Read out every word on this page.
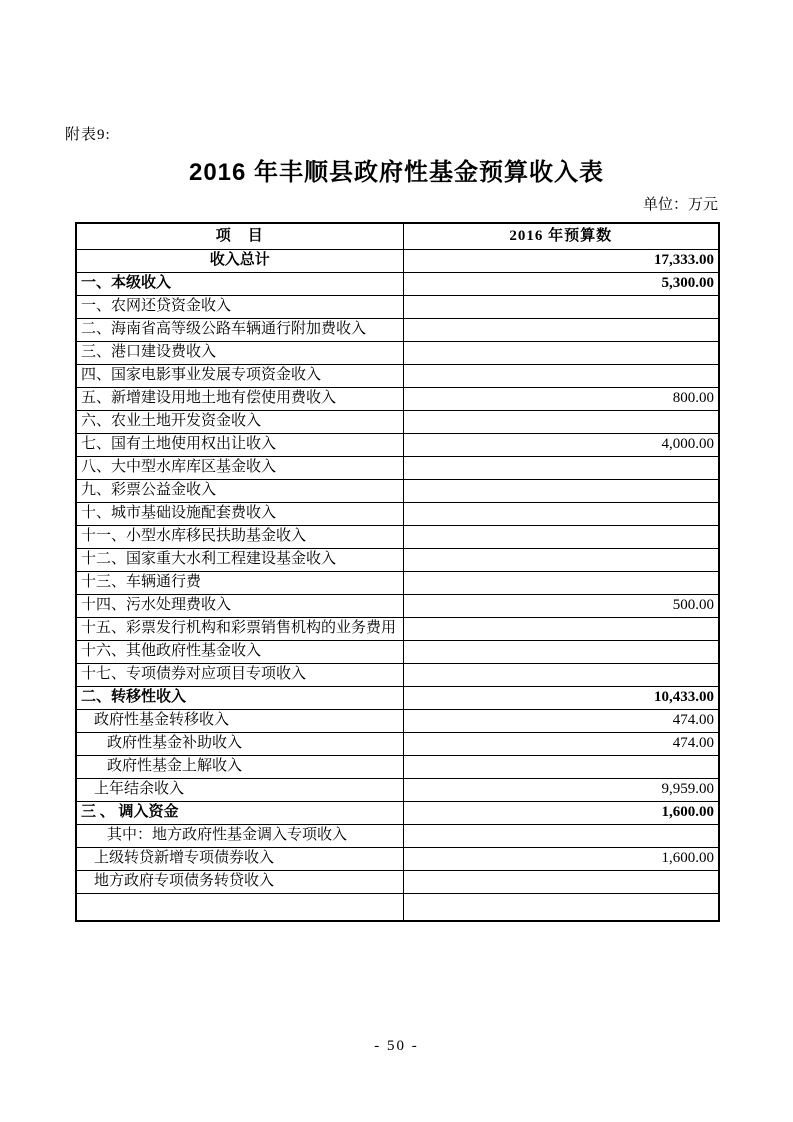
附表9:
2016 年丰顺县政府性基金预算收入表
单位：万元
项　目	2016 年预算数
收入总计	17,333.00
一、本级收入	5,300.00
一、农网还贷资金收入	
二、海南省高等级公路车辆通行附加费收入	
三、港口建设费收入	
四、国家电影事业发展专项资金收入	
五、新增建设用地土地有偿使用费收入	800.00
六、农业土地开发资金收入	
七、国有土地使用权出让收入	4,000.00
八、大中型水库库区基金收入	
九、彩票公益金收入	
十、城市基础设施配套费收入	
十一、小型水库移民扶助基金收入	
十二、国家重大水利工程建设基金收入	
十三、车辆通行费	
十四、污水处理费收入	500.00
十五、彩票发行机构和彩票销售机构的业务费用	
十六、其他政府性基金收入	
十七、专项债券对应项目专项收入	
二、转移性收入	10,433.00
政府性基金转移收入	474.00
政府性基金补助收入	474.00
政府性基金上解收入	
上年结余收入	9,959.00
三 、 调入资金	1,600.00
其中：地方政府性基金调入专项收入	
上级转贷新增专项债券收入	1,600.00
地方政府专项债务转贷收入	

- 50 -
